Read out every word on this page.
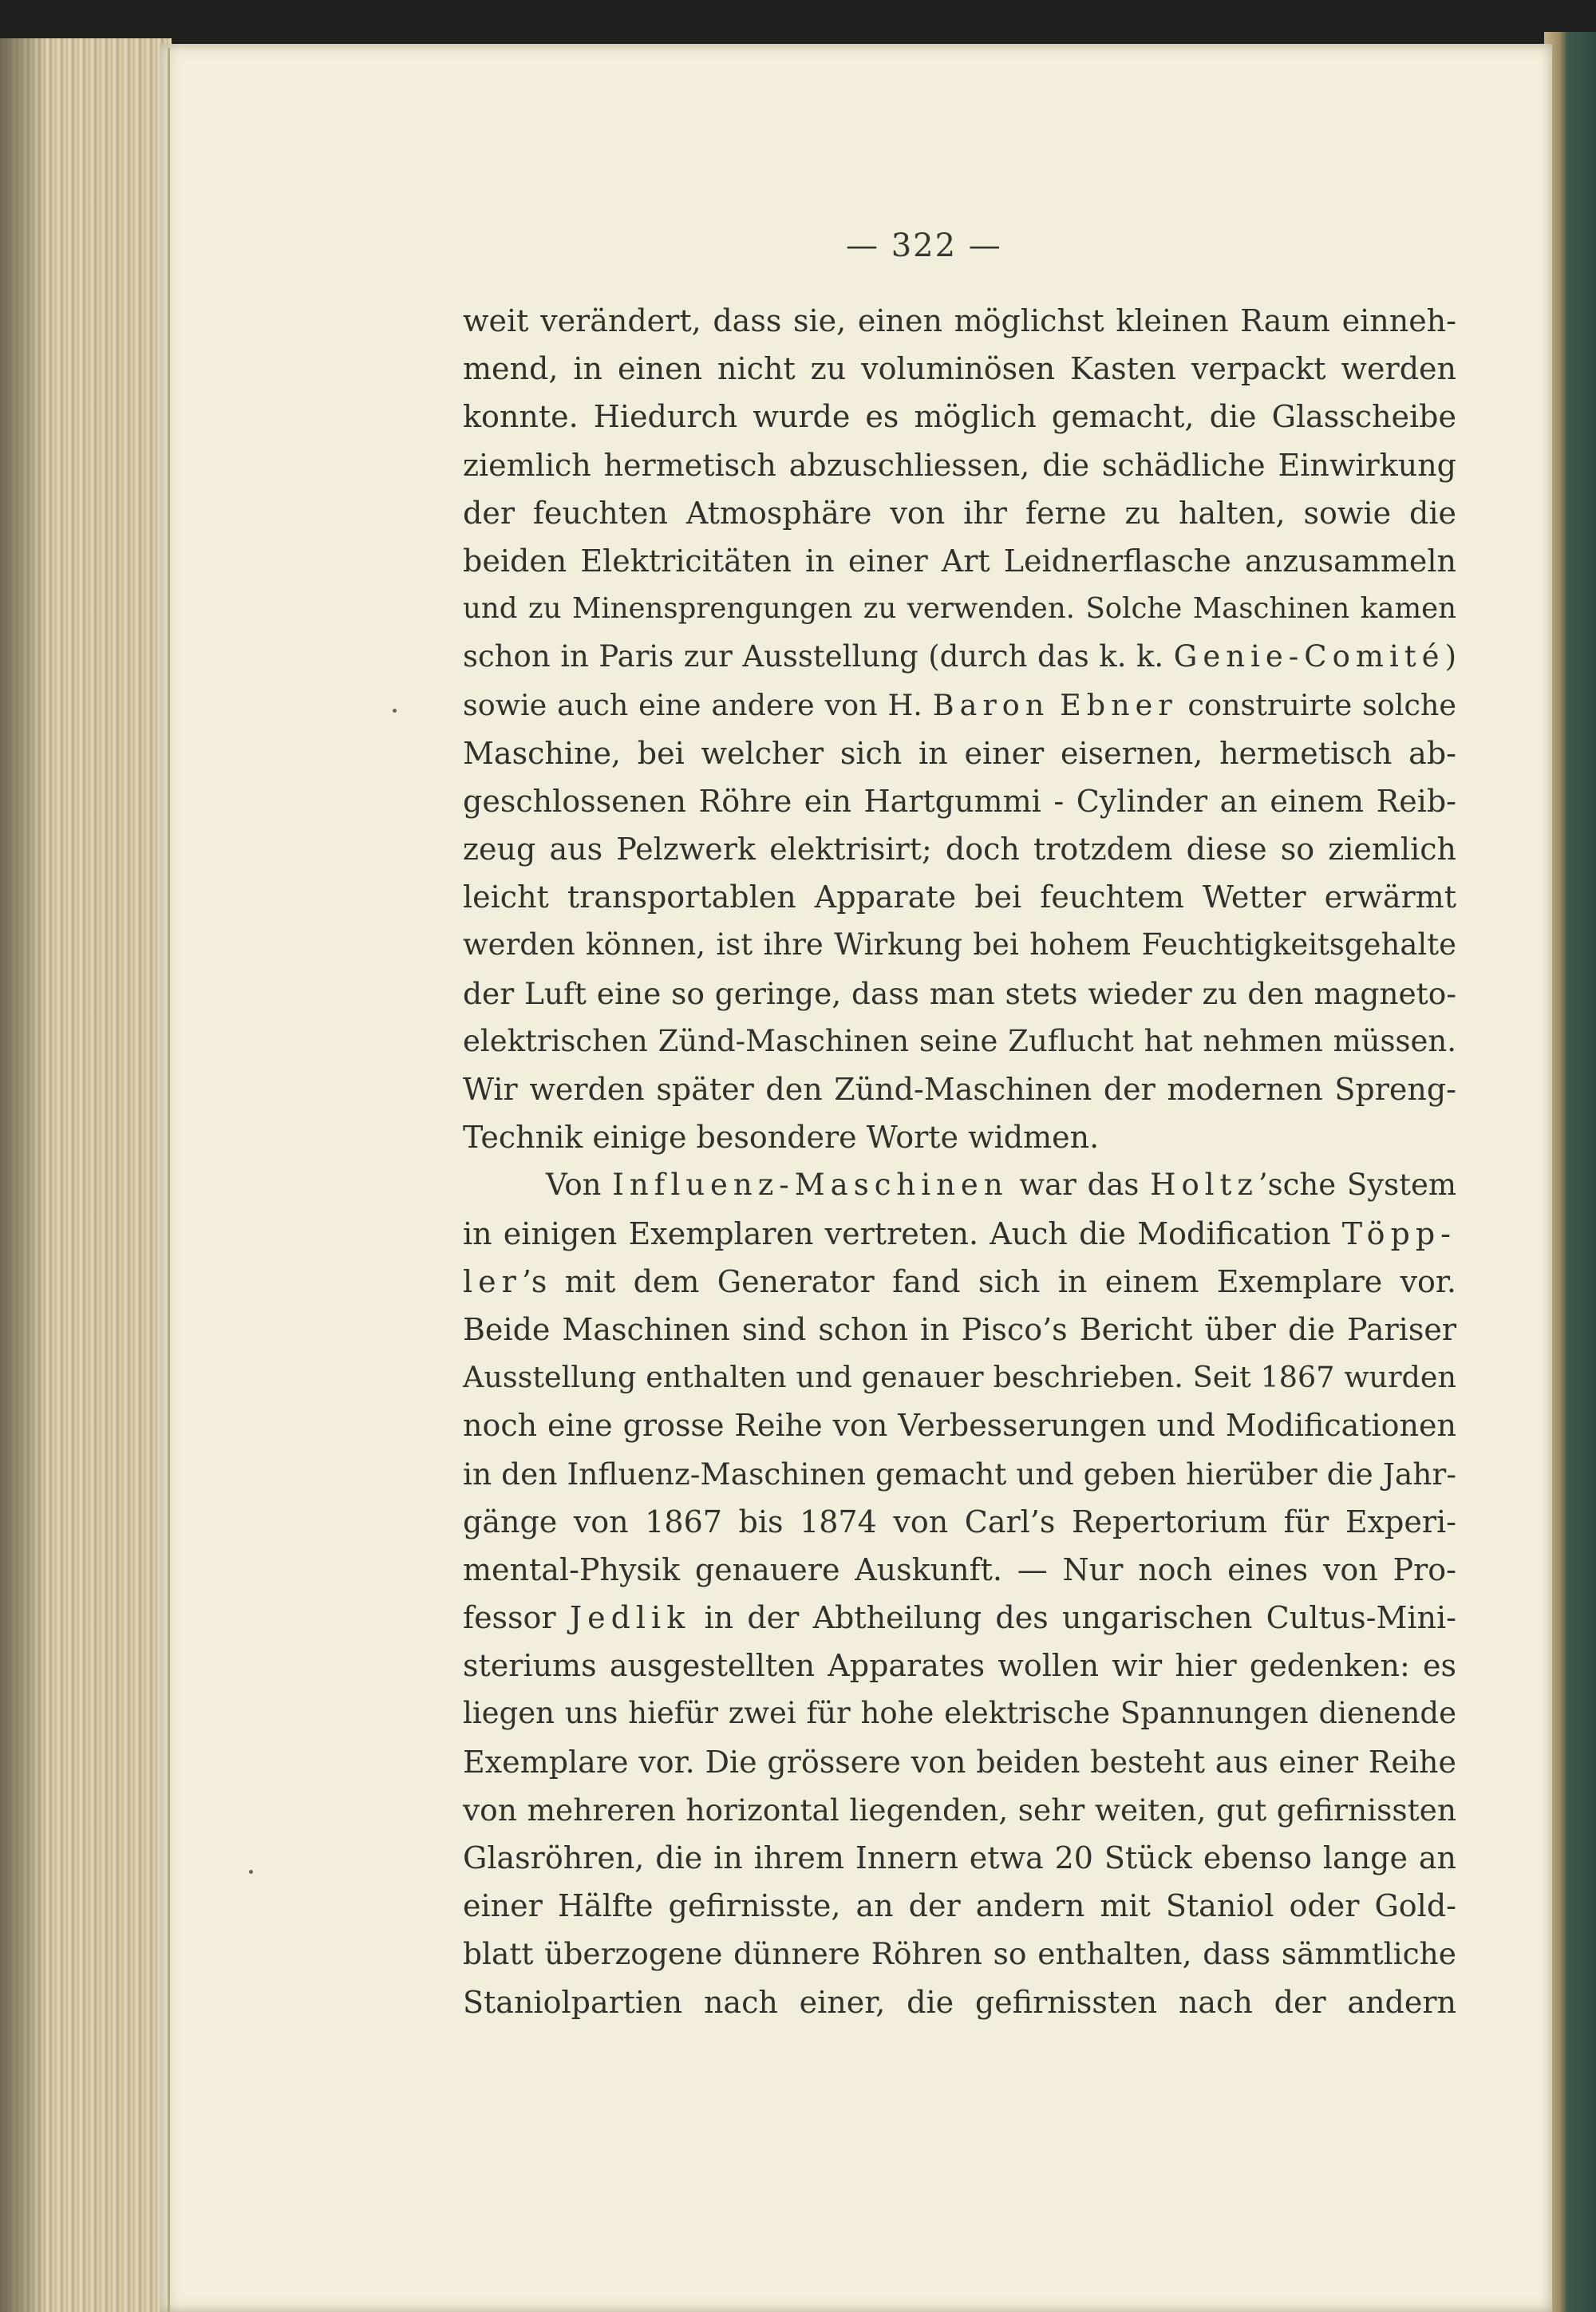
— 322 —
weit verändert, dass sie, einen möglichst kleinen Raum einneh-
mend, in einen nicht zu voluminösen Kasten verpackt werden
konnte. Hiedurch wurde es möglich gemacht, die Glasscheibe
ziemlich hermetisch abzuschliessen, die schädliche Einwirkung
der feuchten Atmosphäre von ihr ferne zu halten, sowie die
beiden Elektricitäten in einer Art Leidnerflasche anzusammeln
und zu Minensprengungen zu verwenden. Solche Maschinen kamen
schon in Paris zur Ausstellung (durch das k. k. Genie-Comité)
sowie auch eine andere von H. Baron Ebner construirte solche
Maschine, bei welcher sich in einer eisernen, hermetisch ab-
geschlossenen Röhre ein Hartgummi - Cylinder an einem Reib-
zeug aus Pelzwerk elektrisirt; doch trotzdem diese so ziemlich
leicht transportablen Apparate bei feuchtem Wetter erwärmt
werden können, ist ihre Wirkung bei hohem Feuchtigkeitsgehalte
der Luft eine so geringe, dass man stets wieder zu den magneto-
elektrischen Zünd-Maschinen seine Zuflucht hat nehmen müssen.
Wir werden später den Zünd-Maschinen der modernen Spreng-
Technik einige besondere Worte widmen.
Von Influenz-Maschinen war das Holtz’sche System
in einigen Exemplaren vertreten. Auch die Modification Töpp-
ler’s mit dem Generator fand sich in einem Exemplare vor.
Beide Maschinen sind schon in Pisco’s Bericht über die Pariser
Ausstellung enthalten und genauer beschrieben. Seit 1867 wurden
noch eine grosse Reihe von Verbesserungen und Modificationen
in den Influenz-Maschinen gemacht und geben hierüber die Jahr-
gänge von 1867 bis 1874 von Carl’s Repertorium für Experi-
mental-Physik genauere Auskunft. — Nur noch eines von Pro-
fessor Jedlik in der Abtheilung des ungarischen Cultus-Mini-
steriums ausgestellten Apparates wollen wir hier gedenken: es
liegen uns hiefür zwei für hohe elektrische Spannungen dienende
Exemplare vor. Die grössere von beiden besteht aus einer Reihe
von mehreren horizontal liegenden, sehr weiten, gut gefirnissten
Glasröhren, die in ihrem Innern etwa 20 Stück ebenso lange an
einer Hälfte gefirnisste, an der andern mit Staniol oder Gold-
blatt überzogene dünnere Röhren so enthalten, dass sämmtliche
Staniolpartien nach einer, die gefirnissten nach der andern
